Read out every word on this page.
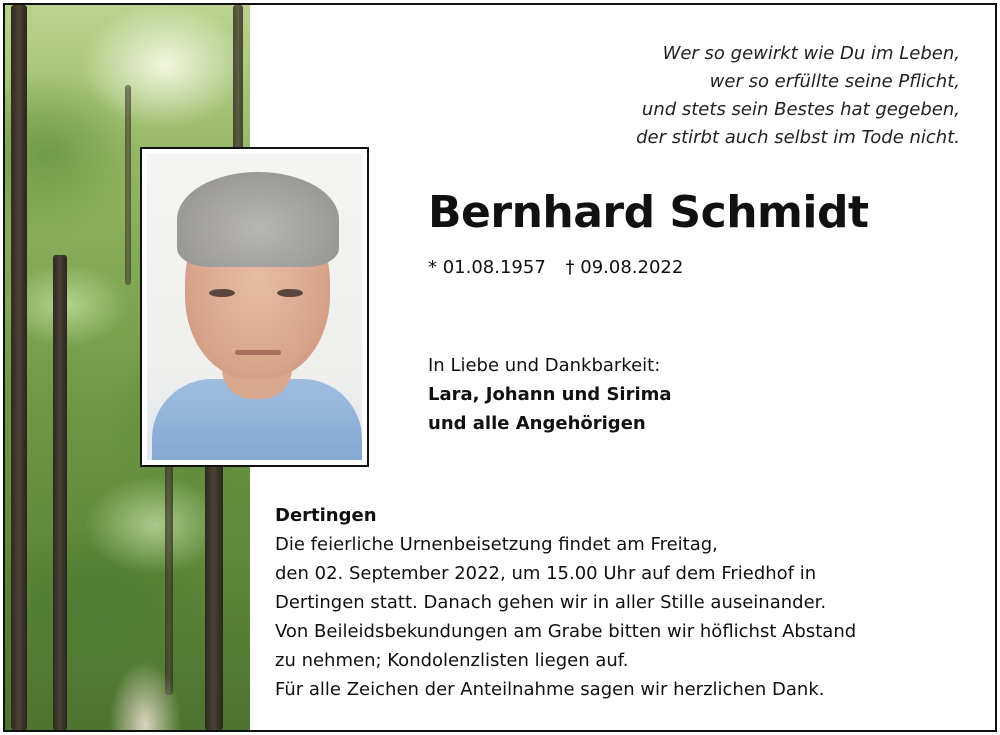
Wer so gewirkt wie Du im Leben,
wer so erfüllte seine Pflicht,
und stets sein Bestes hat gegeben,
der stirbt auch selbst im Tode nicht.
Bernhard Schmidt
* 01.08.1957 † 09.08.2022
In Liebe und Dankbarkeit:
Lara, Johann und Sirima
und alle Angehörigen
Dertingen
Die feierliche Urnenbeisetzung findet am Freitag,
den 02. September 2022, um 15.00 Uhr auf dem Friedhof in
Dertingen statt. Danach gehen wir in aller Stille auseinander.
Von Beileidsbekundungen am Grabe bitten wir höflichst Abstand
zu nehmen; Kondolenzlisten liegen auf.
Für alle Zeichen der Anteilnahme sagen wir herzlichen Dank.
